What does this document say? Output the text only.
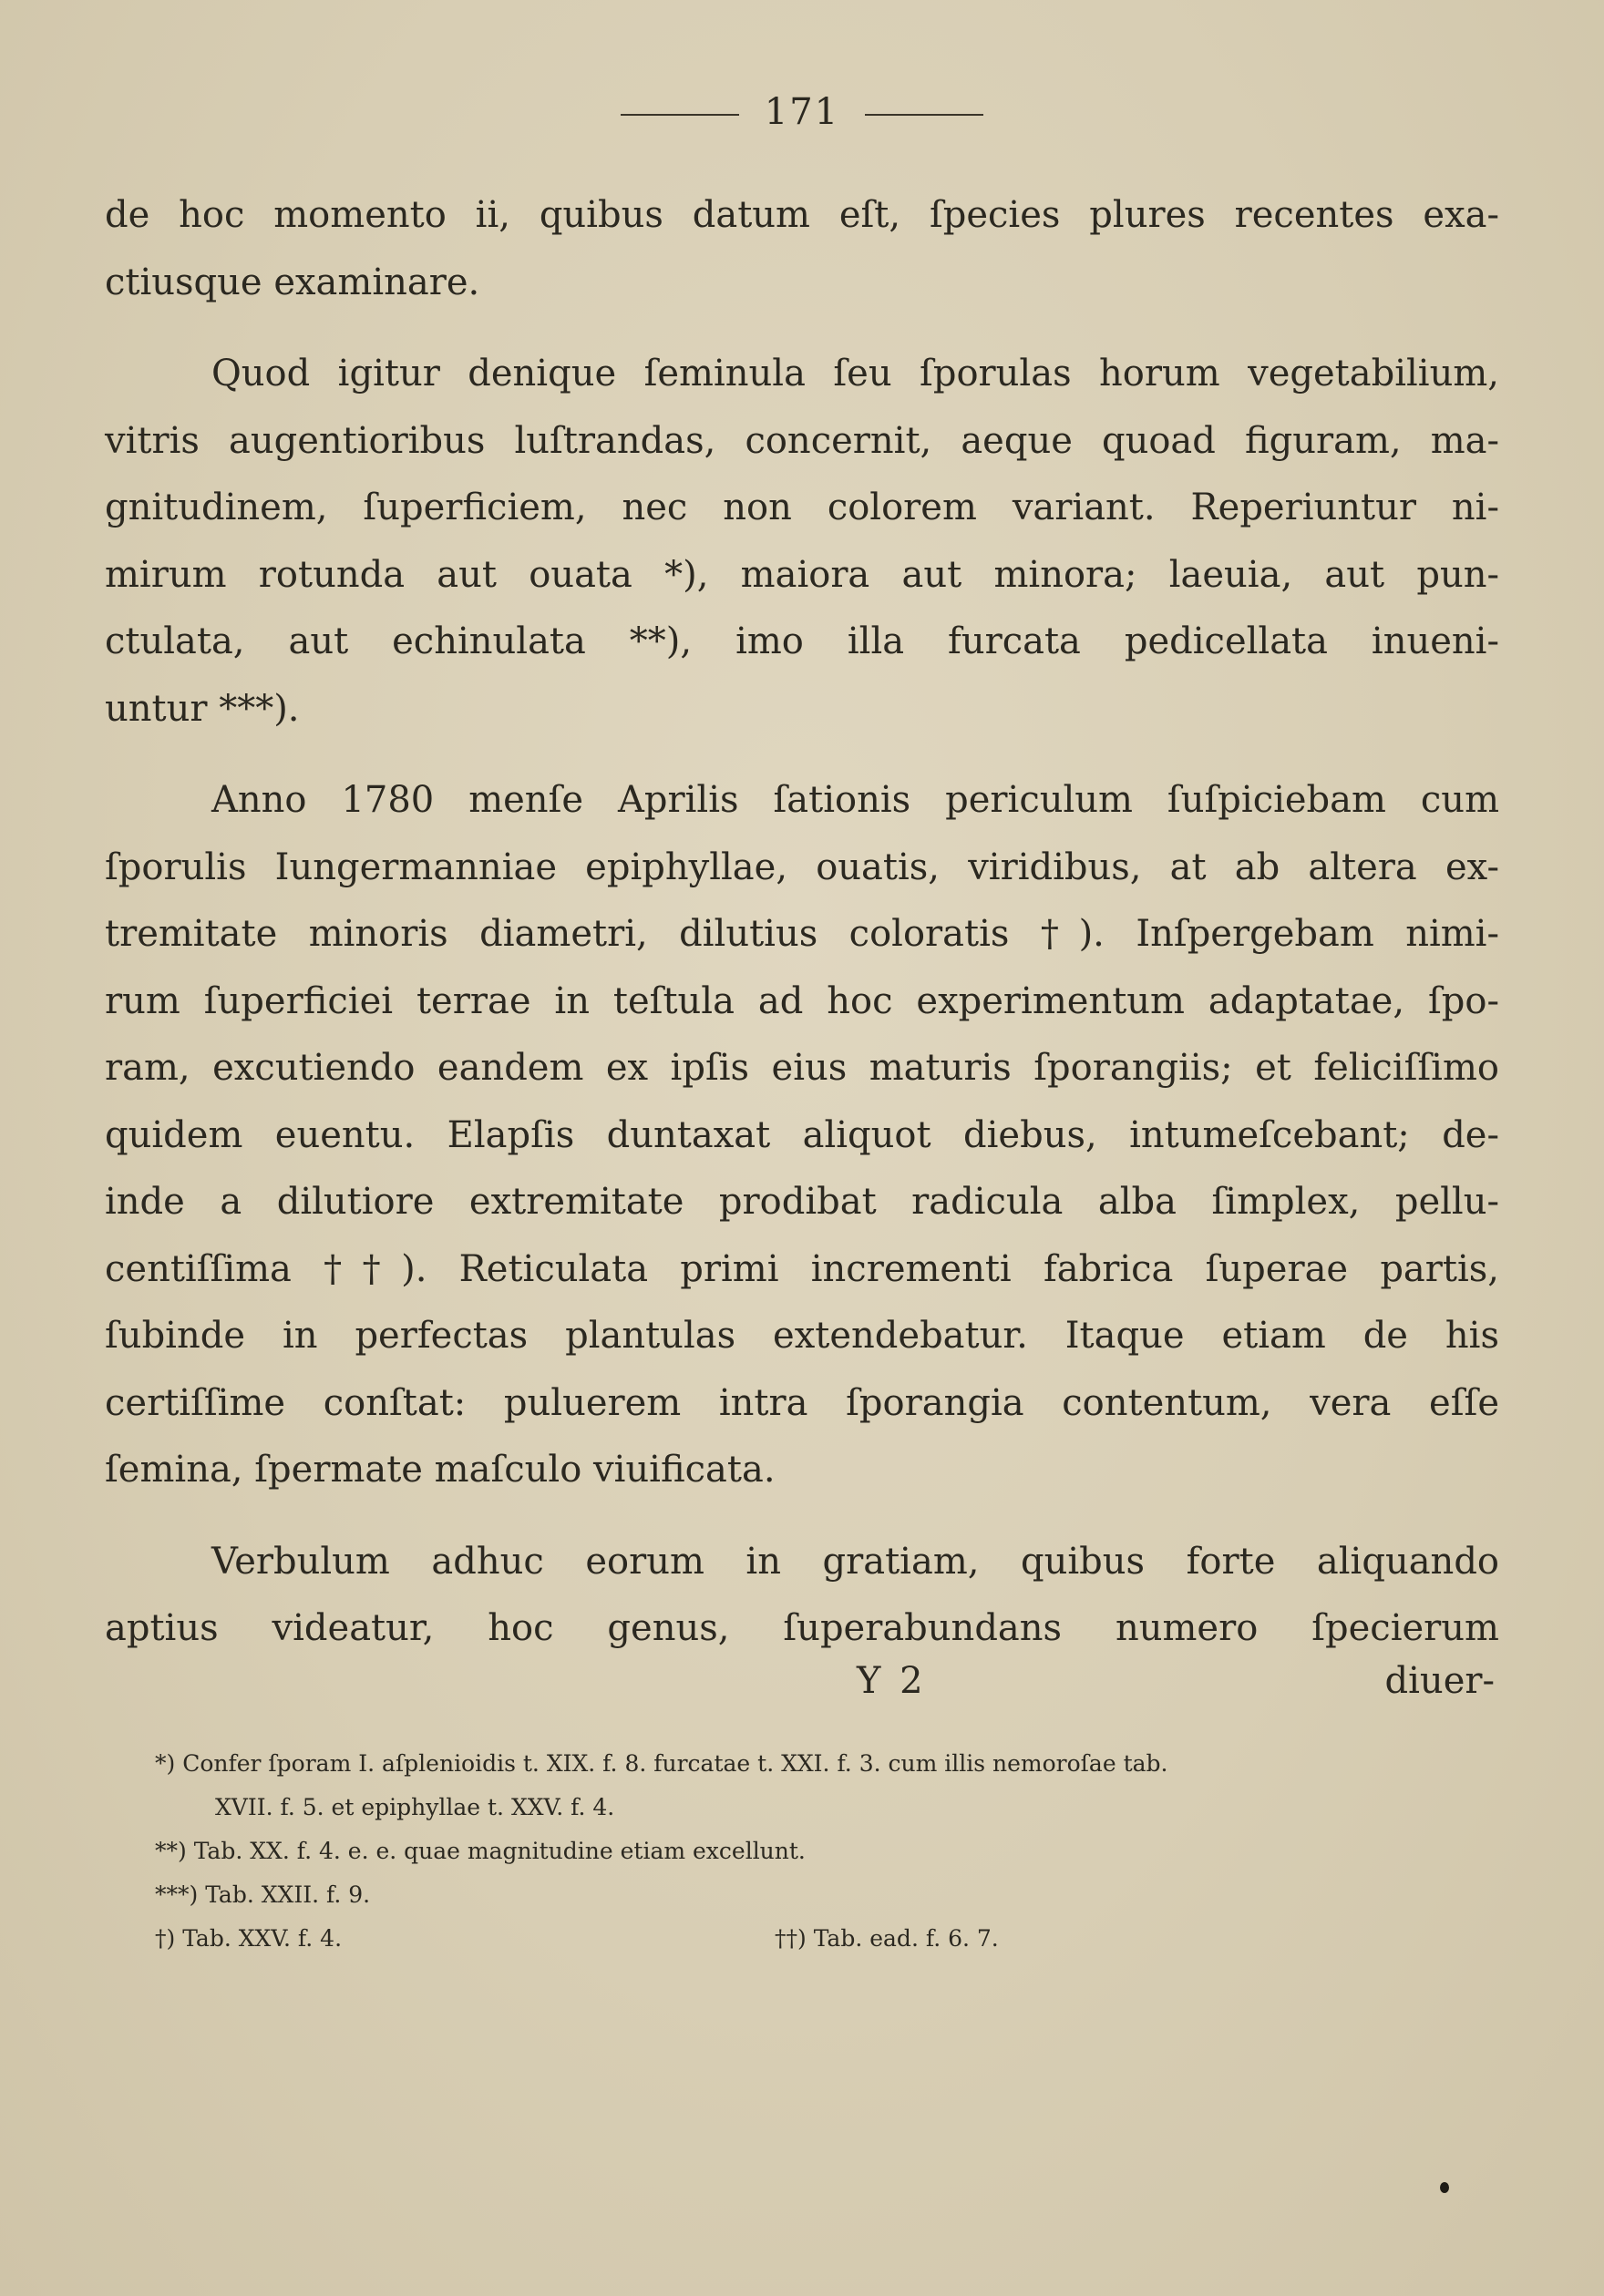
171

de hoc momento ii, quibus datum eſt, ſpecies plures recentes exa-
ctiusque examinare.

Quod igitur denique ſeminula ſeu ſporulas horum vegetabilium,
vitris augentioribus luſtrandas, concernit, aeque quoad figuram, ma-
gnitudinem, ſuperficiem, nec non colorem variant. Reperiuntur ni-
mirum rotunda aut ouata *), maiora aut minora; laeuia, aut pun-
ctulata, aut echinulata **), imo illa furcata pedicellata inueni-
untur ***).

Anno 1780 menſe Aprilis ſationis periculum ſuſpiciebam cum
ſporulis Iungermanniae epiphyllae, ouatis, viridibus, at ab altera ex-
tremitate minoris diametri, dilutius coloratis †). Inſpergebam nimi-
rum ſuperficiei terrae in teſtula ad hoc experimentum adaptatae, ſpo-
ram, excutiendo eandem ex ipſis eius maturis ſporangiis; et feliciſſimo
quidem euentu. Elapſis duntaxat aliquot diebus, intumeſcebant; de-
inde a dilutiore extremitate prodibat radicula alba ſimplex, pellu-
centiſſima ††). Reticulata primi incrementi fabrica ſuperae partis,
ſubinde in perfectas plantulas extendebatur. Itaque etiam de his
certiſſime conſtat: puluerem intra ſporangia contentum, vera eſſe
ſemina, ſpermate maſculo viuificata.

Verbulum adhuc eorum in gratiam, quibus forte aliquando
aptius videatur, hoc genus, ſuperabundans numero ſpecierum

Y 2	diuer-
*) Confer ſporam I. aſplenioidis t. XIX. f. 8. furcatae t. XXI. f. 3. cum illis nemoroſae tab.
XVII. f. 5. et epiphyllae t. XXV. f. 4.
**) Tab. XX. f. 4. e. e. quae magnitudine etiam excellunt.
***) Tab. XXII. f. 9.
†) Tab. XXV. f. 4.	††) Tab. ead. f. 6. 7.
